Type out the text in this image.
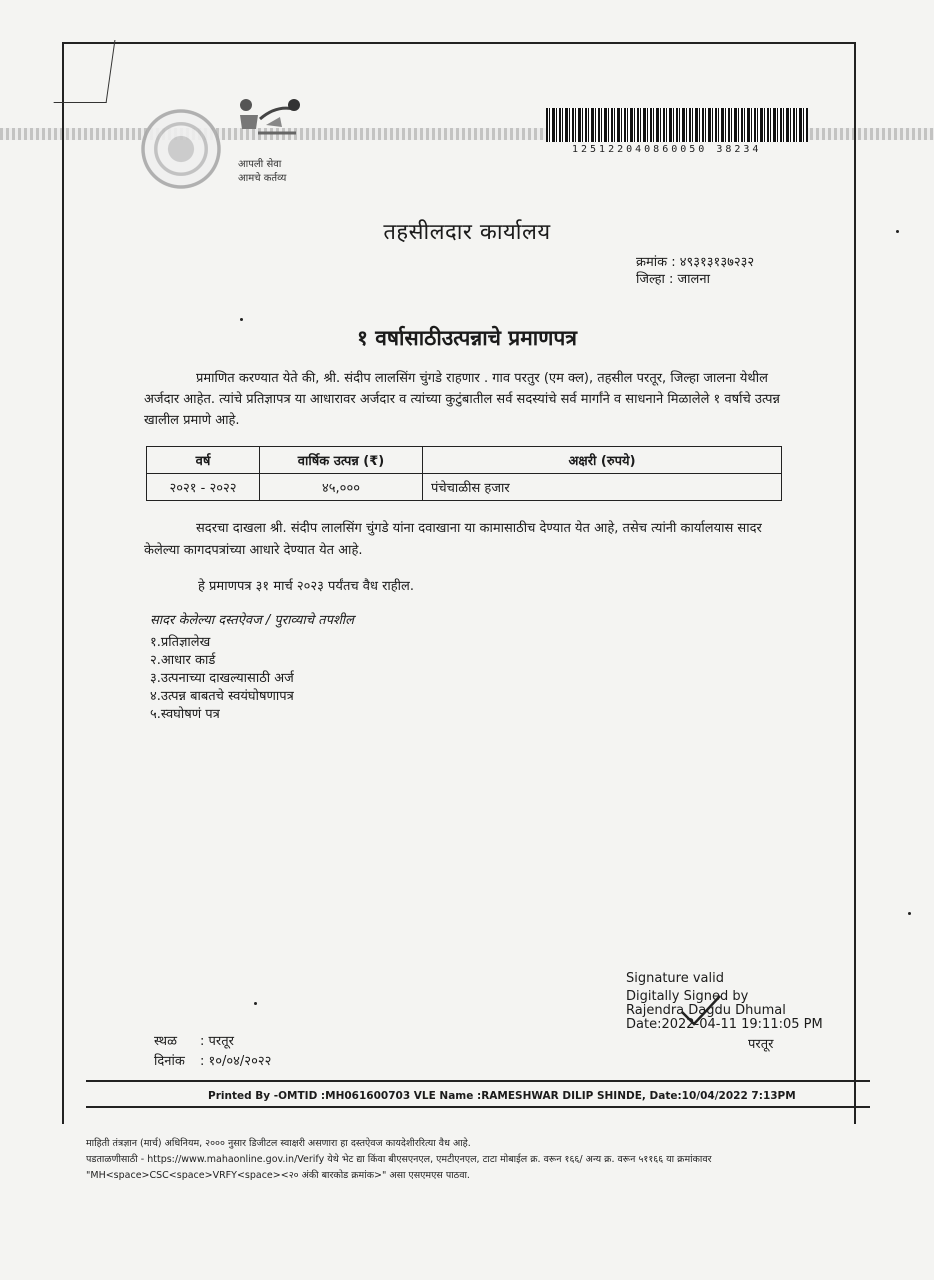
आपली सेवा
आमचे कर्तव्य
125122040860050 38234
तहसीलदार कार्यालय
क्रमांक : ४९३१३१३७२३२
जिल्हा : जालना
१ वर्षासाठीउत्पन्नाचे प्रमाणपत्र
प्रमाणित करण्यात येते की, श्री. संदीप लालसिंग चुंगडे राहणार . गाव परतुर (एम क्ल), तहसील परतूर, जिल्हा जालना येथील अर्जदार आहेत. त्यांचे प्रतिज्ञापत्र या आधारावर अर्जदार व त्यांच्या कुटुंबातील सर्व सदस्यांचे सर्व मार्गांने व साधनाने मिळालेले १ वर्षाचे उत्पन्न खालील प्रमाणे आहे.
वर्ष	वार्षिक उत्पन्न (₹)	अक्षरी (रुपये)
२०२१ - २०२२	४५,०००	पंचेचाळीस हजार
सदरचा दाखला श्री. संदीप लालसिंग चुंगडे यांना दवाखाना या कामासाठीच देण्यात येत आहे, तसेच त्यांनी कार्यालयास सादर केलेल्या कागदपत्रांच्या आधारे देण्यात येत आहे.
हे प्रमाणपत्र ३१ मार्च २०२३ पर्यंतच वैध राहील.
सादर केलेल्या दस्तऐवज / पुराव्याचे तपशील
१.प्रतिज्ञालेख
२.आधार कार्ड
३.उत्पनाच्या दाखल्यासाठी अर्ज
४.उत्पन्न बाबतचे स्वयंघोषणापत्र
५.स्वघोषणं पत्र
Signature valid
Digitally Signed by
Rajendra Dagdu Dhumal
Date:2022-04-11 19:11:05 PM
परतूर
स्थळ : परतूर
दिनांक : १०/०४/२०२२
Printed By -OMTID :MH061600703 VLE Name :RAMESHWAR DILIP SHINDE, Date:10/04/2022 7:13PM
माहिती तंत्रज्ञान (मार्च) अधिनियम, २००० नुसार डिजीटल स्वाक्षरी असणारा हा दस्तऐवज कायदेशीररित्या वैध आहे.
पडताळणीसाठी - https://www.mahaonline.gov.in/Verify येथे भेट द्या किंवा बीएसएनएल, एमटीएनएल, टाटा मोबाईल क्र. वरून १६६/ अन्य क्र. वरून ५११६६ या क्रमांकावर
"MH<space>CSC<space>VRFY<space><२० अंकी बारकोड क्रमांक>" असा एसएमएस पाठवा.
